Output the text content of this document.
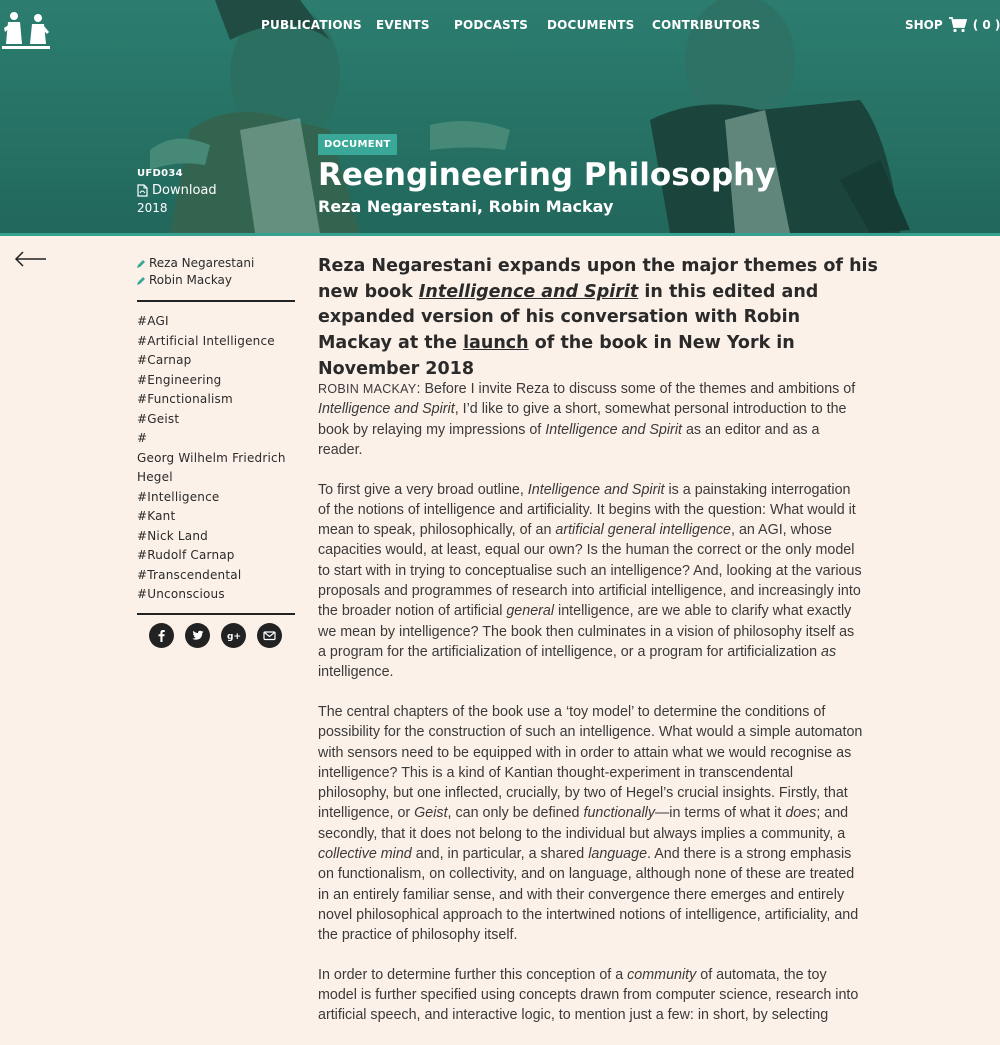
PUBLICATIONS EVENTS PODCASTS DOCUMENTS CONTRIBUTORS	SHOP	( 0 )
UFD034
Download
2018
DOCUMENT
Reengineering Philosophy
Reza Negarestani, Robin Mackay
Reza Negarestani
Robin Mackay
#AGI
#Artificial Intelligence
#Carnap
#Engineering
#Functionalism
#Geist
#
Georg Wilhelm Friedrich
Hegel
#Intelligence
#Kant
#Nick Land
#Rudolf Carnap
#Transcendental
#Unconscious
g+
Reza Negarestani expands upon the major themes of his new book Intelligence and Spirit in this edited and expanded version of his conversation with Robin Mackay at the launch of the book in New York in November 2018

ROBIN MACKAY: Before I invite Reza to discuss some of the themes and ambitions of Intelligence and Spirit, I’d like to give a short, somewhat personal introduction to the book by relaying my impressions of Intelligence and Spirit as an editor and as a reader.

To first give a very broad outline, Intelligence and Spirit is a painstaking interrogation of the notions of intelligence and artificiality. It begins with the question: What would it mean to speak, philosophically, of an artificial general intelligence, an AGI, whose capacities would, at least, equal our own? Is the human the correct or the only model to start with in trying to conceptualise such an intelligence? And, looking at the various proposals and programmes of research into artificial intelligence, and increasingly into the broader notion of artificial general intelligence, are we able to clarify what exactly we mean by intelligence? The book then culminates in a vision of philosophy itself as a program for the artificialization of intelligence, or a program for artificialization as intelligence.

The central chapters of the book use a ‘toy model’ to determine the conditions of possibility for the construction of such an intelligence. What would a simple automaton with sensors need to be equipped with in order to attain what we would recognise as intelligence? This is a kind of Kantian thought-experiment in transcendental philosophy, but one inflected, crucially, by two of Hegel’s crucial insights. Firstly, that intelligence, or Geist, can only be defined functionally—in terms of what it does; and secondly, that it does not belong to the individual but always implies a community, a collective mind and, in particular, a shared language. And there is a strong emphasis on functionalism, on collectivity, and on language, although none of these are treated in an entirely familiar sense, and with their convergence there emerges and entirely novel philosophical approach to the intertwined notions of intelligence, artificiality, and the practice of philosophy itself.

In order to determine further this conception of a community of automata, the toy model is further specified using concepts drawn from computer science, research into artificial speech, and interactive logic, to mention just a few: in short, by selecting
